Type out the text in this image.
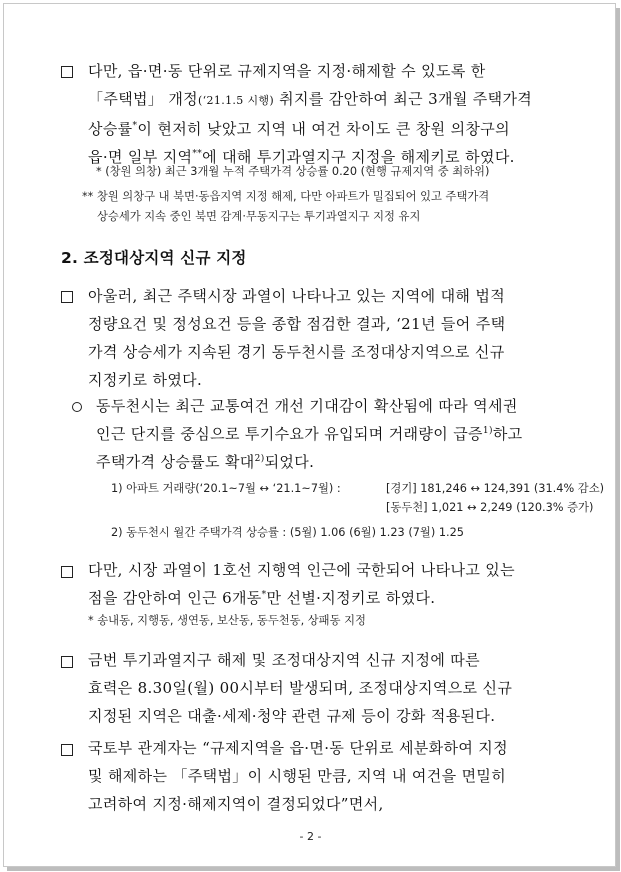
다만, 읍·면·동 단위로 규제지역을 지정·해제할 수 있도록 한
「주택법」 개정(‘21.1.5 시행) 취지를 감안하여 최근 3개월 주택가격
상승률*이 현저히 낮았고 지역 내 여건 차이도 큰 창원 의창구의
읍·면 일부 지역**에 대해 투기과열지구 지정을 해제키로 하였다.
* (창원 의창) 최근 3개월 누적 주택가격 상승률 0.20 (현행 규제지역 중 최하위)
** 창원 의창구 내 북면·동읍지역 지정 해제, 다만 아파트가 밀집되어 있고 주택가격
상승세가 지속 중인 북면 감계·무동지구는 투기과열지구 지정 유지
2. 조정대상지역 신규 지정
아울러, 최근 주택시장 과열이 나타나고 있는 지역에 대해 법적
정량요건 및 정성요건 등을 종합 점검한 결과, ‘21년 들어 주택
가격 상승세가 지속된 경기 동두천시를 조정대상지역으로 신규
지정키로 하였다.
동두천시는 최근 교통여건 개선 기대감이 확산됨에 따라 역세권
인근 단지를 중심으로 투기수요가 유입되며 거래량이 급증$^{1)}$하고
주택가격 상승률도 확대$^{2)}$되었다.
1) 아파트 거래량(‘20.1~7월 ↔ ‘21.1~7월) :	[경기] 181,246 ↔ 124,391 (31.4% 감소)
[동두천] 1,021 ↔ 2,249 (120.3% 증가)
2) 동두천시 월간 주택가격 상승률 : (5월) 1.06 (6월) 1.23 (7월) 1.25
다만, 시장 과열이 1호선 지행역 인근에 국한되어 나타나고 있는
점을 감안하여 인근 6개동*만 선별·지정키로 하였다.
* 송내동, 지행동, 생연동, 보산동, 동두천동, 상패동 지정
금번 투기과열지구 해제 및 조정대상지역 신규 지정에 따른
효력은 8.30일(월) 00시부터 발생되며, 조정대상지역으로 신규
지정된 지역은 대출·세제·청약 관련 규제 등이 강화 적용된다.
국토부 관계자는 “규제지역을 읍·면·동 단위로 세분화하여 지정
및 해제하는 「주택법」이 시행된 만큼, 지역 내 여건을 면밀히
고려하여 지정·해제지역이 결정되었다”면서,
- 2 -
